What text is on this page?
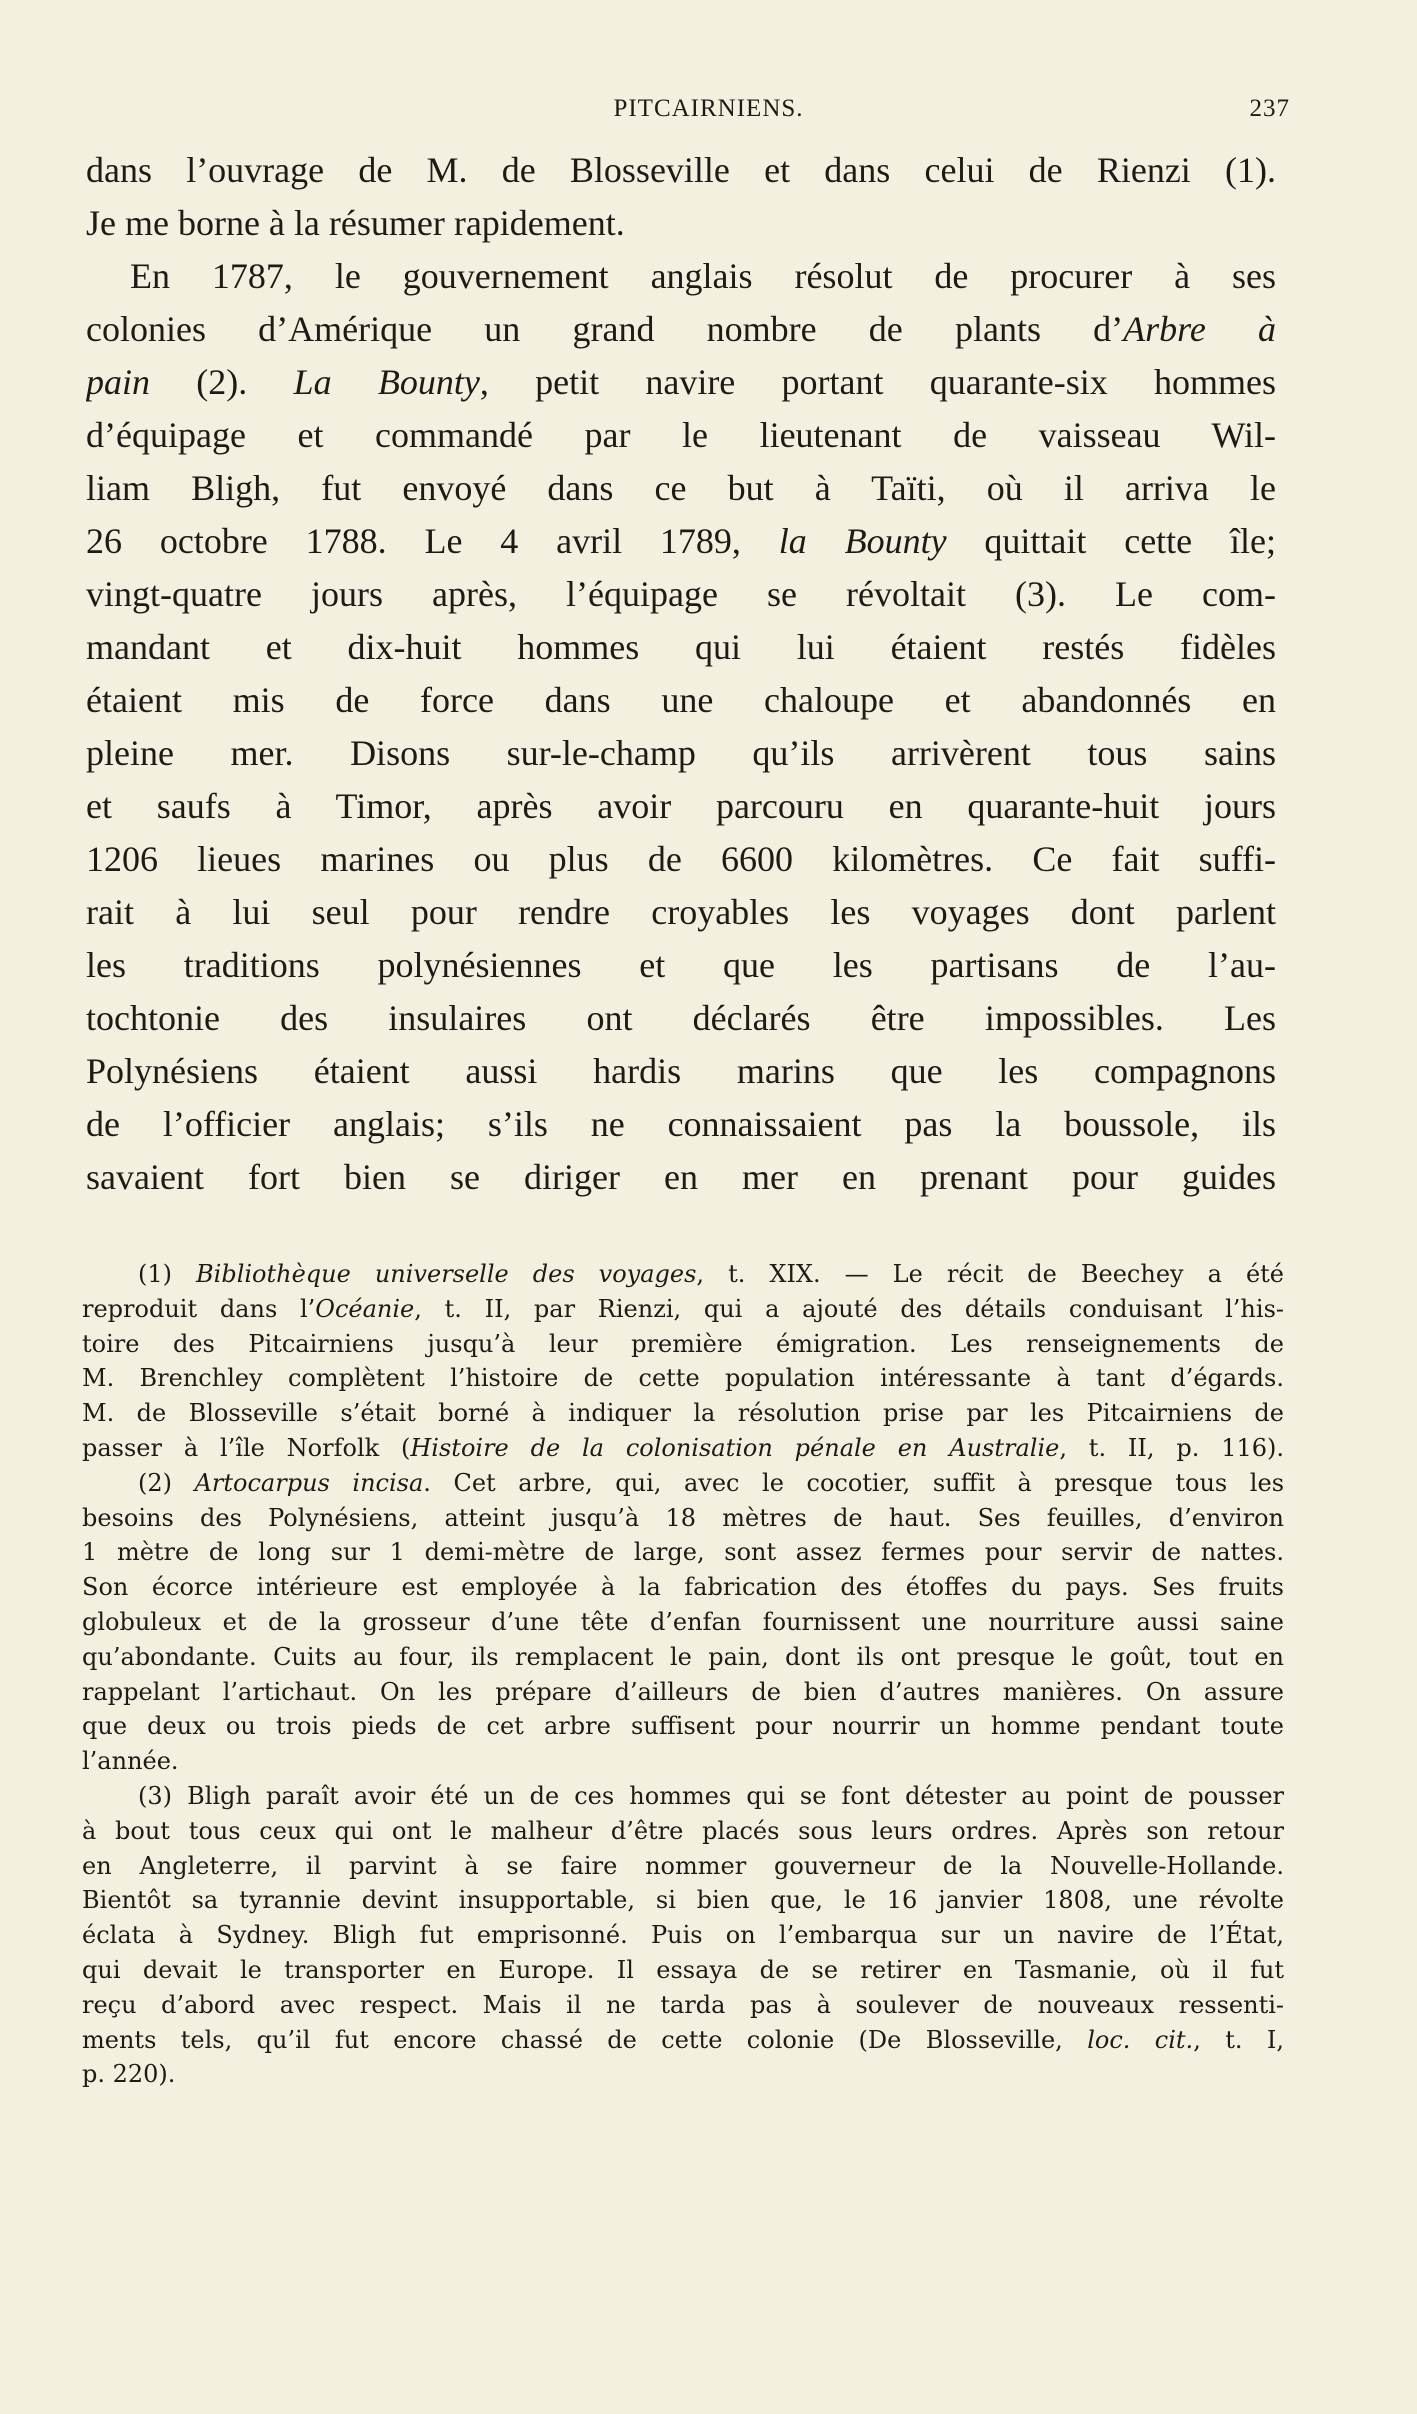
PITCAIRNIENS.	237
dans l’ouvrage de M. de Blosseville et dans celui de Rienzi (1).
Je me borne à la résumer rapidement.
En 1787, le gouvernement anglais résolut de procurer à ses
colonies d’Amérique un grand nombre de plants d’Arbre à
pain (2). La Bounty, petit navire portant quarante-six hommes
d’équipage et commandé par le lieutenant de vaisseau Wil-
liam Bligh, fut envoyé dans ce but à Taïti, où il arriva le
26 octobre 1788. Le 4 avril 1789, la Bounty quittait cette île;
vingt-quatre jours après, l’équipage se révoltait (3). Le com-
mandant et dix-huit hommes qui lui étaient restés fidèles
étaient mis de force dans une chaloupe et abandonnés en
pleine mer. Disons sur-le-champ qu’ils arrivèrent tous sains
et saufs à Timor, après avoir parcouru en quarante-huit jours
1206 lieues marines ou plus de 6600 kilomètres. Ce fait suffi-
rait à lui seul pour rendre croyables les voyages dont parlent
les traditions polynésiennes et que les partisans de l’au-
tochtonie des insulaires ont déclarés être impossibles. Les
Polynésiens étaient aussi hardis marins que les compagnons
de l’officier anglais; s’ils ne connaissaient pas la boussole, ils
savaient fort bien se diriger en mer en prenant pour guides
(1) Bibliothèque universelle des voyages, t. XIX. — Le récit de Beechey a été
reproduit dans l’Océanie, t. II, par Rienzi, qui a ajouté des détails conduisant l’his-
toire des Pitcairniens jusqu’à leur première émigration. Les renseignements de
M. Brenchley complètent l’histoire de cette population intéressante à tant d’égards.
M. de Blosseville s’était borné à indiquer la résolution prise par les Pitcairniens de
passer à l’île Norfolk (Histoire de la colonisation pénale en Australie, t. II, p. 116).
(2) Artocarpus incisa. Cet arbre, qui, avec le cocotier, suffit à presque tous les
besoins des Polynésiens, atteint jusqu’à 18 mètres de haut. Ses feuilles, d’environ
1 mètre de long sur 1 demi-mètre de large, sont assez fermes pour servir de nattes.
Son écorce intérieure est employée à la fabrication des étoffes du pays. Ses fruits
globuleux et de la grosseur d’une tête d’enfan fournissent une nourriture aussi saine
qu’abondante. Cuits au four, ils remplacent le pain, dont ils ont presque le goût, tout en
rappelant l’artichaut. On les prépare d’ailleurs de bien d’autres manières. On assure
que deux ou trois pieds de cet arbre suffisent pour nourrir un homme pendant toute
l’année.
(3) Bligh paraît avoir été un de ces hommes qui se font détester au point de pousser
à bout tous ceux qui ont le malheur d’être placés sous leurs ordres. Après son retour
en Angleterre, il parvint à se faire nommer gouverneur de la Nouvelle-Hollande.
Bientôt sa tyrannie devint insupportable, si bien que, le 16 janvier 1808, une révolte
éclata à Sydney. Bligh fut emprisonné. Puis on l’embarqua sur un navire de l’État,
qui devait le transporter en Europe. Il essaya de se retirer en Tasmanie, où il fut
reçu d’abord avec respect. Mais il ne tarda pas à soulever de nouveaux ressenti-
ments tels, qu’il fut encore chassé de cette colonie (De Blosseville, loc. cit., t. I,
p. 220).
